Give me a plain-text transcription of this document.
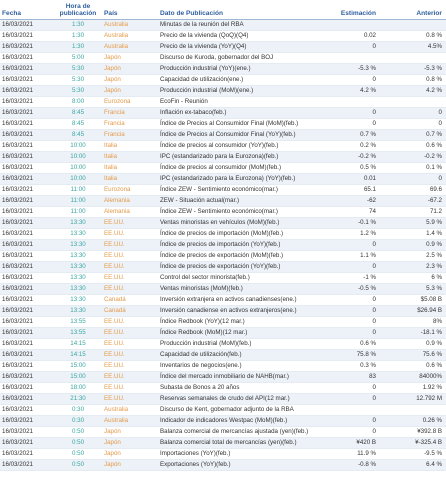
Fecha	Hora de publicación	País	Dato de Publicación	Estimación	Anterior
16/03/2021	1:30	Australia	Minutas de la reunión del RBA		
16/03/2021	1:30	Australia	Precio de la vivienda (QoQ)(Q4)	0.02	0.8 %
16/03/2021	1:30	Australia	Precio de la vivienda (YoY)(Q4)	0	4.5%
16/03/2021	5:00	Japón	Discurso de Kuroda, gobernador del BOJ		
16/03/2021	5:30	Japón	Producción industrial (YoY)(ene.)	-5.3 %	-5.3 %
16/03/2021	5:30	Japón	Capacidad de utilización(ene.)	0	0.8 %
16/03/2021	5:30	Japón	Producción industrial (MoM)(ene.)	4.2 %	4.2 %
16/03/2021	8:00	Eurozona	EcoFin - Reunión		
16/03/2021	8:45	Francia	Inflación ex-tabaco(feb.)	0	0
16/03/2021	8:45	Francia	Índice de Precios al Consumidor Final (MoM)(feb.)	0	0
16/03/2021	8:45	Francia	Índice de Precios al Consumidor Final (YoY)(feb.)	0.7 %	0.7 %
16/03/2021	10:00	Italia	Índice de precios al consumidor (YoY)(feb.)	0.2 %	0.6 %
16/03/2021	10:00	Italia	IPC (estandarizado para la Eurozona)(feb.)	-0.2 %	-0.2 %
16/03/2021	10:00	Italia	Índice de precios al consumidor (MoM)(feb.)	0.5 %	0.1 %
16/03/2021	10:00	Italia	IPC (estandarizado para la Eurozona) (YoY)(feb.)	0.01	0
16/03/2021	11:00	Eurozona	Índice ZEW - Sentimiento económico(mar.)	65.1	69.6
16/03/2021	11:00	Alemania	ZEW - Situación actual(mar.)	-62	-67.2
16/03/2021	11:00	Alemania	Índice ZEW - Sentimiento económico(mar.)	74	71.2
16/03/2021	13:30	EE.UU.	Ventas minoristas en vehículos (MoM)(feb.)	-0.1 %	5.9 %
16/03/2021	13:30	EE.UU.	Índice de precios de importación (MoM)(feb.)	1.2 %	1.4 %
16/03/2021	13:30	EE.UU.	Índice de precios de importación (YoY)(feb.)	0	0.9 %
16/03/2021	13:30	EE.UU.	Índice de precios de exportación (MoM)(feb.)	1.1 %	2.5 %
16/03/2021	13:30	EE.UU.	Índice de precios de exportación (YoY)(feb.)	0	2.3 %
16/03/2021	13:30	EE.UU.	Control del sector minorista(feb.)	-1 %	6 %
16/03/2021	13:30	EE.UU.	Ventas minoristas (MoM)(feb.)	-0.5 %	5.3 %
16/03/2021	13:30	Canadá	Inversión extranjera en activos canadienses(ene.)	0	$5.08 B
16/03/2021	13:30	Canadá	Inversión canadiense en activos extranjeros(ene.)	0	$26.94 B
16/03/2021	13:55	EE.UU.	Índice Redbook (YoY)(12 mar.)	0	8%
16/03/2021	13:55	EE.UU.	Índice Redbook (MoM)(12 mar.)	0	-18.1 %
16/03/2021	14:15	EE.UU.	Producción industrial (MoM)(feb.)	0.6 %	0.9 %
16/03/2021	14:15	EE.UU.	Capacidad de utilización(feb.)	75.8 %	75.6 %
16/03/2021	15:00	EE.UU.	Inventarios de negocios(ene.)	0.3 %	0.6 %
16/03/2021	15:00	EE.UU.	Índice del mercado inmobiliario de NAHB(mar.)	83	84000%
16/03/2021	18:00	EE.UU.	Subasta de Bonos a 20 años	0	1.92 %
16/03/2021	21:30	EE.UU.	Reservas semanales de crudo del API(12 mar.)	0	12.792 M
16/03/2021	0:30	Australia	Discurso de Kent, gobernador adjunto de la RBA		
16/03/2021	0:30	Australia	Indicador de indicadores Westpac (MoM)(feb.)	0	0.26 %
16/03/2021	0:50	Japón	Balanza comercial de mercancías ajustada (yen)(feb.)	0	¥392.8 B
16/03/2021	0:50	Japón	Balanza comercial total de mercancías (yen)(feb.)	¥420 B	¥-325.4 B
16/03/2021	0:50	Japón	Importaciones (YoY)(feb.)	11.9 %	-9.5 %
16/03/2021	0:50	Japón	Exportaciones (YoY)(feb.)	-0.8 %	6.4 %
